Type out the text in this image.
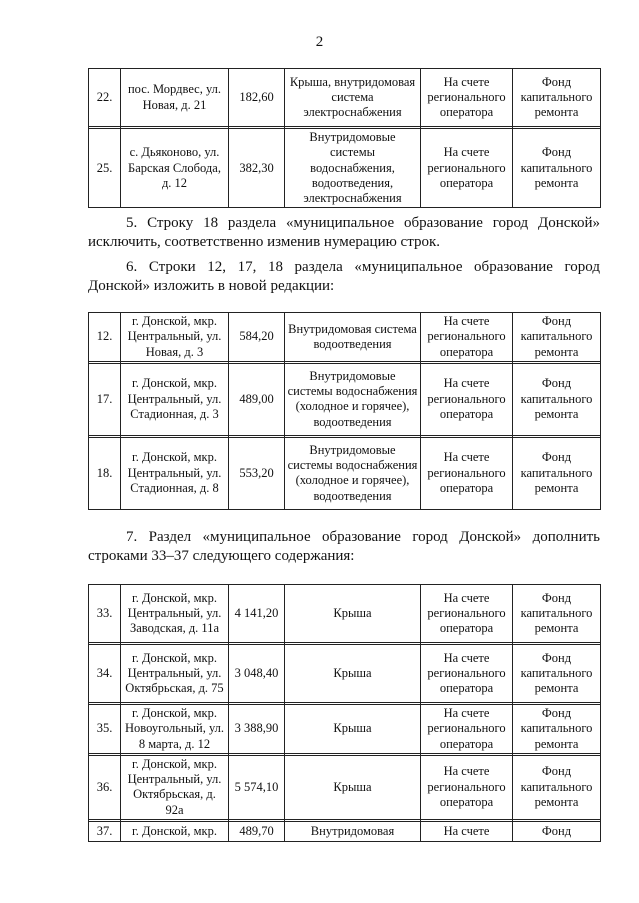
2
22.	пос. Мордвес, ул. Новая, д. 21	182,60	Крыша, внутридомовая система электроснабжения	На счете регионального оператора	Фонд капитального ремонта

25.	с. Дьяконово, ул. Барская Слобода, д. 12	382,30	Внутридомовые системы водоснабжения, водоотведения, электроснабжения	На счете регионального оператора	Фонд капитального ремонта

5. Строку 18 раздела «муниципальное образование город Донской» исключить, соответственно изменив нумерацию строк.

6. Строки 12, 17, 18 раздела «муниципальное образование город Донской» изложить в новой редакции:

12.	г. Донской, мкр. Центральный, ул. Новая, д. 3	584,20	Внутридомовая система водоотведения	На счете регионального оператора	Фонд капитального ремонта

17.	г. Донской, мкр. Центральный, ул. Стадионная, д. 3	489,00	Внутридомовые системы водоснабжения (холодное и горячее), водоотведения	На счете регионального оператора	Фонд капитального ремонта

18.	г. Донской, мкр. Центральный, ул. Стадионная, д. 8	553,20	Внутридомовые системы водоснабжения (холодное и горячее), водоотведения	На счете регионального оператора	Фонд капитального ремонта

7. Раздел «муниципальное образование город Донской» дополнить строками 33–37 следующего содержания:

33.	г. Донской, мкр. Центральный, ул. Заводская, д. 11а	4 141,20	Крыша	На счете регионального оператора	Фонд капитального ремонта

34.	г. Донской, мкр. Центральный, ул. Октябрьская, д. 75	3 048,40	Крыша	На счете регионального оператора	Фонд капитального ремонта

35.	г. Донской, мкр. Новоугольный, ул. 8 марта, д. 12	3 388,90	Крыша	На счете регионального оператора	Фонд капитального ремонта

36.	г. Донской, мкр. Центральный, ул. Октябрьская, д. 92а	5 574,10	Крыша	На счете регионального оператора	Фонд капитального ремонта

37.	г. Донской, мкр.	489,70	Внутридомовая	На счете	Фонд
